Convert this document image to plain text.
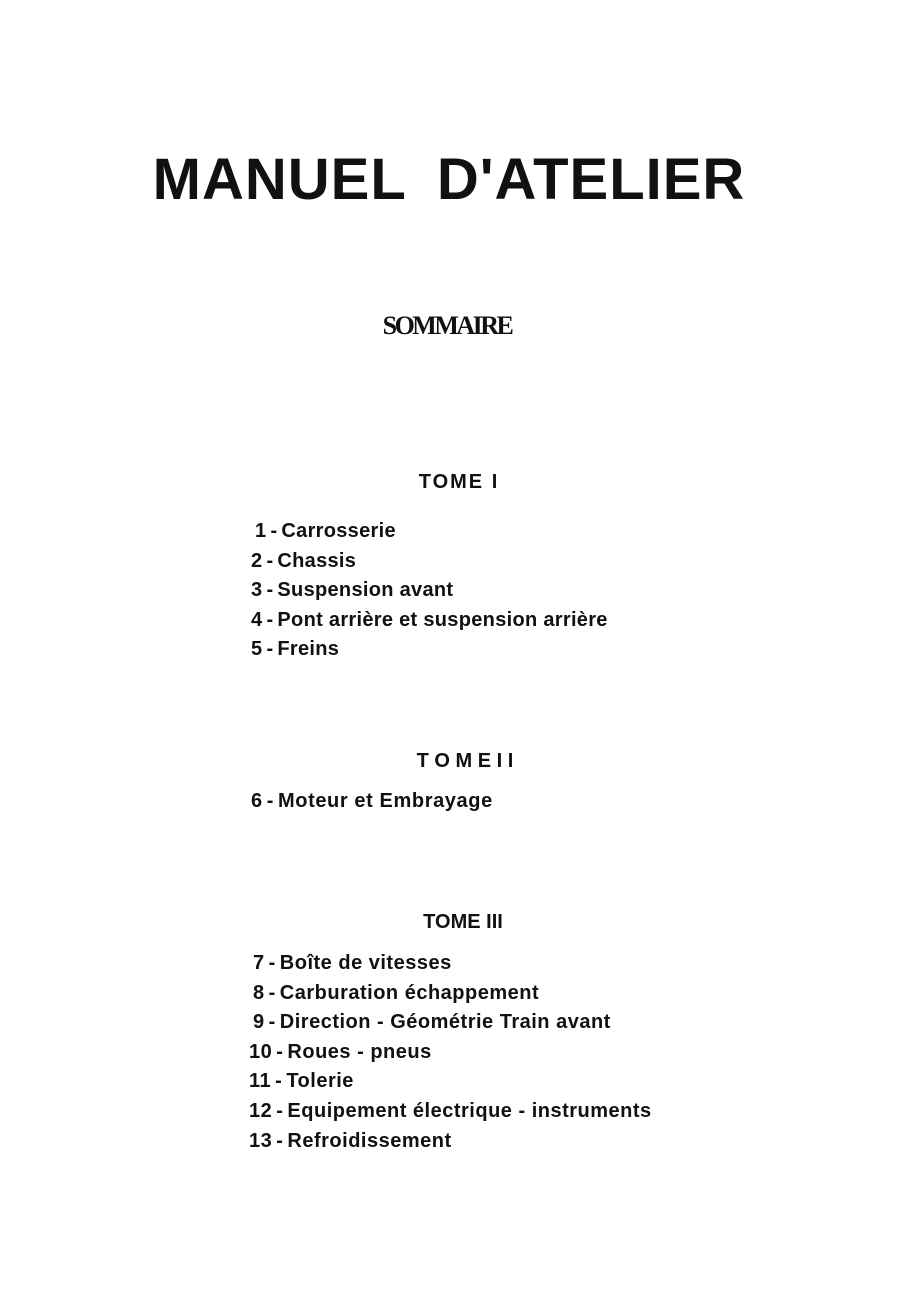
MANUEL D'ATELIER
SOMMAIRE
TOME I
1 - Carrosserie
2 - Chassis
3 - Suspension avant
4 - Pont arrière et suspension arrière
5 - Freins
T O M E I I
6 - Moteur et Embrayage
TOME III
7 - Boîte de vitesses
8 - Carburation échappement
9 - Direction - Géométrie Train avant
10 - Roues - pneus
11 - Tolerie
12 - Equipement électrique - instruments
13 - Refroidissement
